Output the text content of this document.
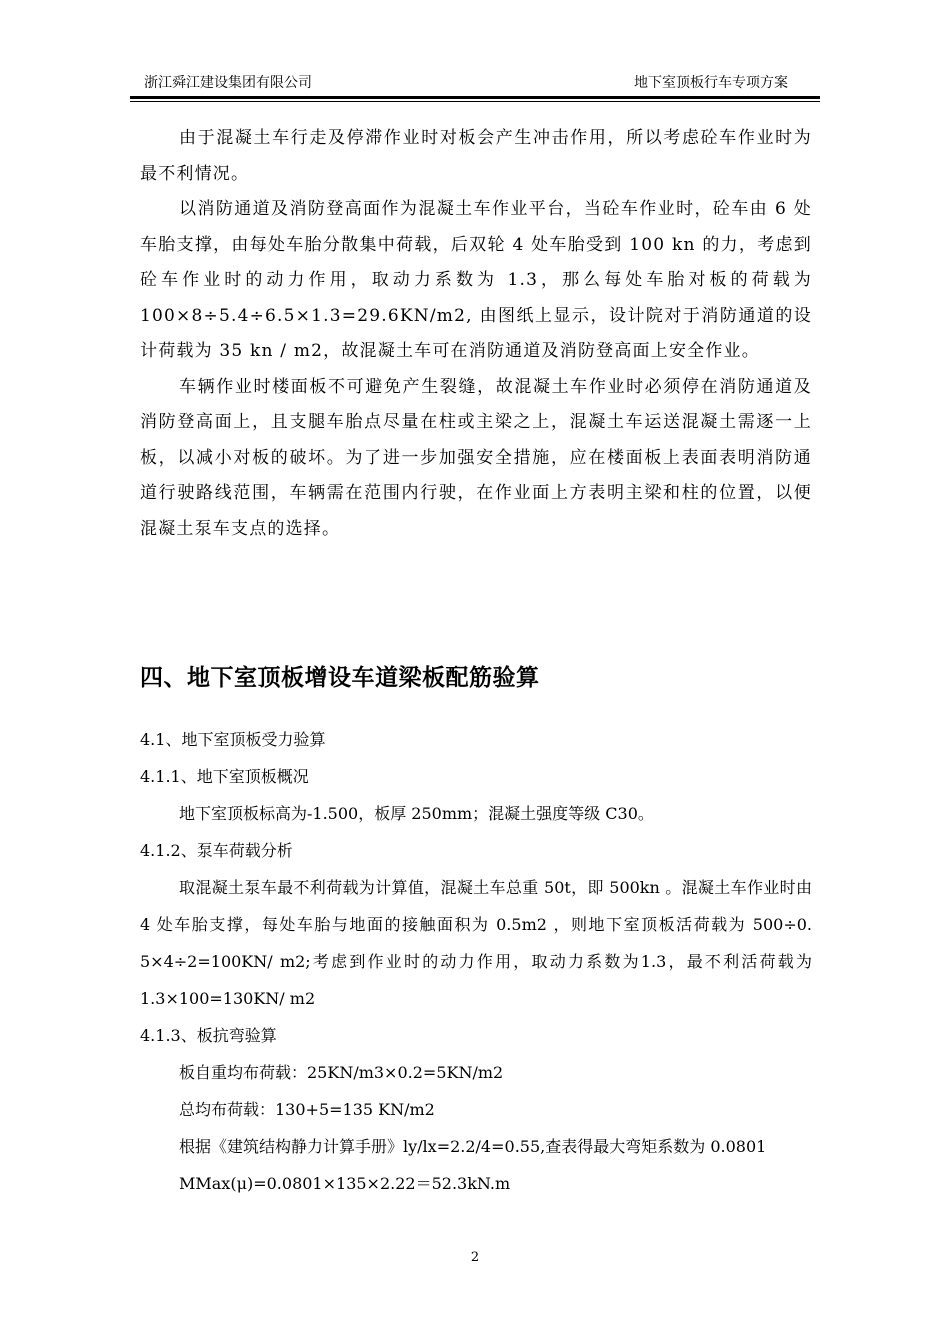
浙江舜江建设集团有限公司	地下室顶板行车专项方案

由于混凝土车行走及停滞作业时对板会产生冲击作用，所以考虑砼车作业时为最不利情况。

以消防通道及消防登高面作为混凝土车作业平台，当砼车作业时，砼车由 6 处车胎支撑，由每处车胎分散集中荷载，后双轮 4 处车胎受到 100 kn 的力，考虑到砼车作业时的动力作用，取动力系数为 1.3，那么每处车胎对板的荷载为 100×8÷5.4÷6.5×1.3=29.6KN/m2, 由图纸上显示，设计院对于消防通道的设计荷载为 35 kn / m2，故混凝土车可在消防通道及消防登高面上安全作业。

车辆作业时楼面板不可避免产生裂缝，故混凝土车作业时必须停在消防通道及消防登高面上，且支腿车胎点尽量在柱或主梁之上，混凝土车运送混凝土需逐一上板，以减小对板的破坏。为了进一步加强安全措施，应在楼面板上表面表明消防通道行驶路线范围，车辆需在范围内行驶，在作业面上方表明主梁和柱的位置，以便混凝土泵车支点的选择。

四、地下室顶板增设车道梁板配筋验算

4.1、地下室顶板受力验算

4.1.1、地下室顶板概况

地下室顶板标高为-1.500，板厚 250mm；混凝土强度等级 C30。

4.1.2、泵车荷载分析

取混凝土泵车最不利荷载为计算值，混凝土车总重 50t，即 500kn 。混凝土车作业时由 4 处车胎支撑，每处车胎与地面的接触面积为 0.5m2 ，则地下室顶板活荷载为 500÷0. 5×4÷2=100KN/ m2;考虑到作业时的动力作用，取动力系数为1.3，最不利活荷载为 1.3×100=130KN/ m2

4.1.3、板抗弯验算

板自重均布荷载：25KN/m3×0.2=5KN/m2

总均布荷载：130+5=135 KN/m2

根据《建筑结构静力计算手册》ly/lx=2.2/4=0.55,查表得最大弯矩系数为 0.0801

MMax(μ)=0.0801×135×2.22＝52.3kN.m

2
